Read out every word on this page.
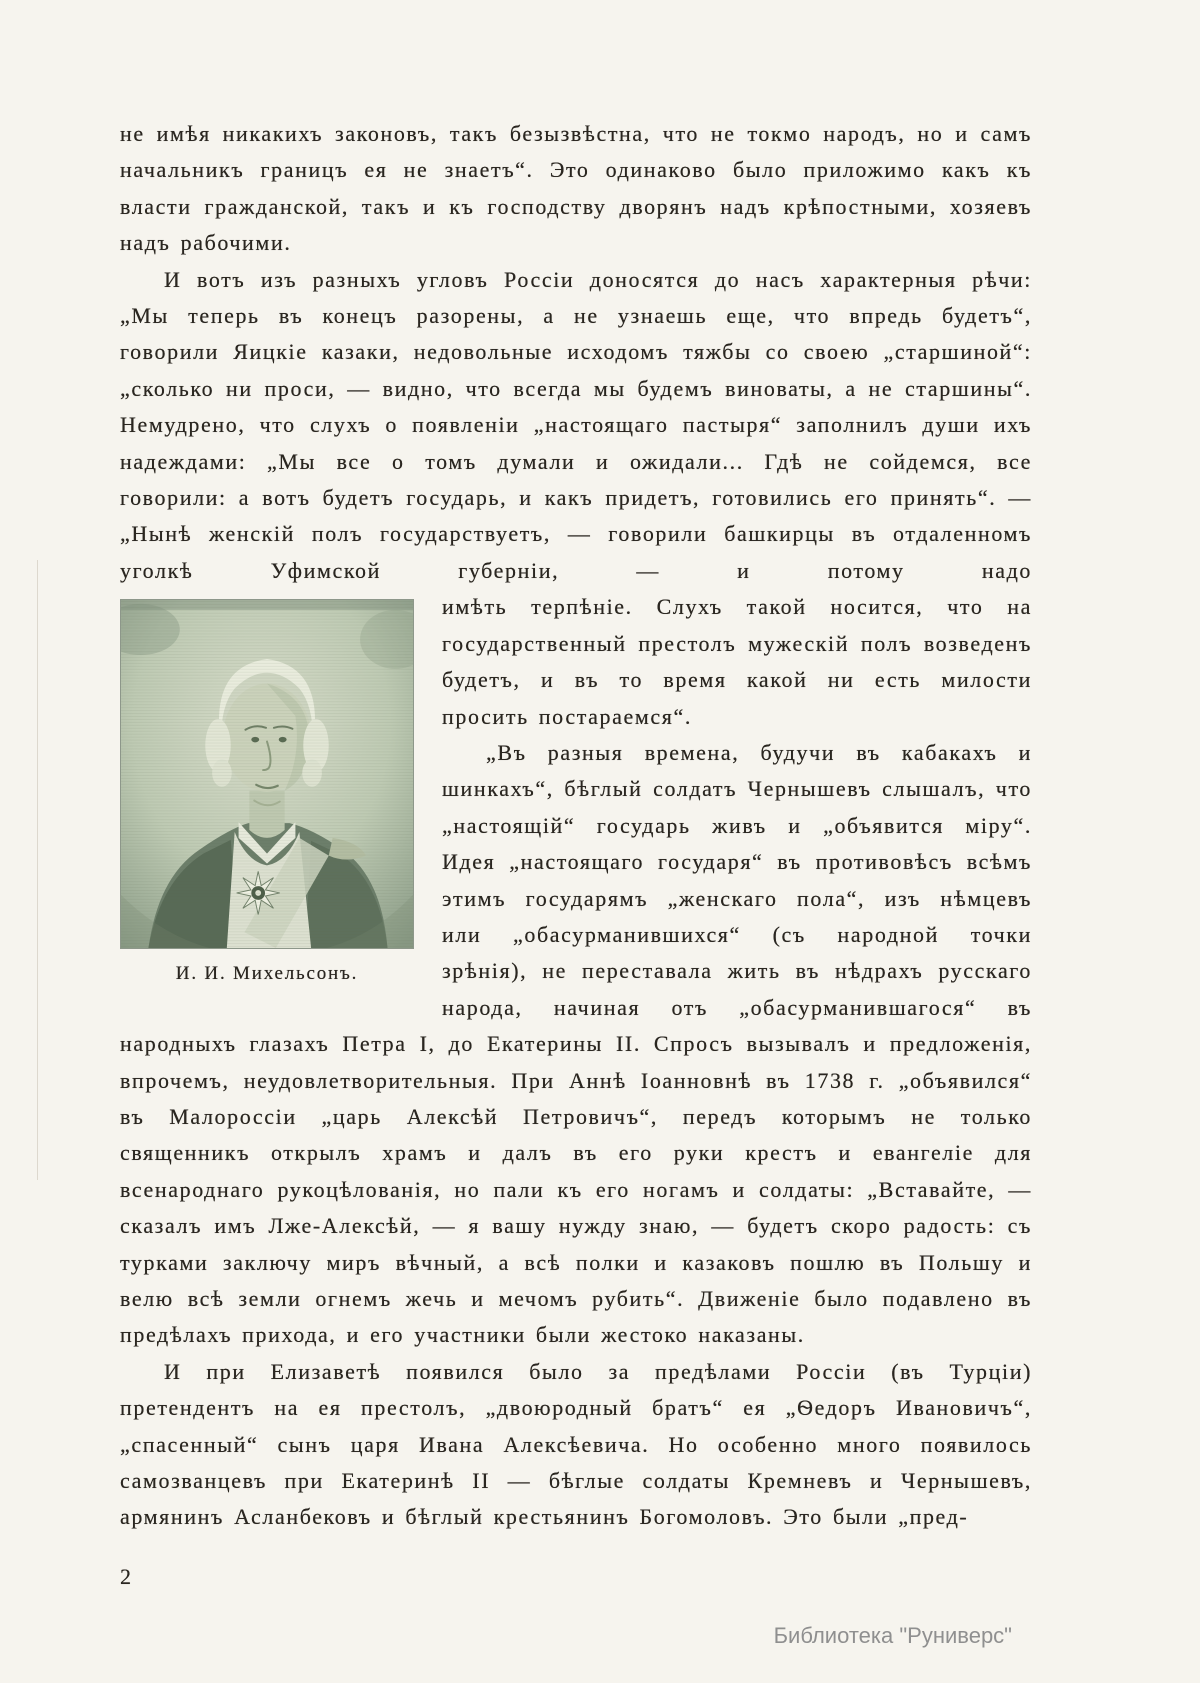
не имѣя никакихъ законовъ, такъ безызвѣстна, что не токмо народъ, но и самъ начальникъ границъ ея не знаетъ“. Это одинаково было приложимо какъ къ власти гражданской, такъ и къ господству дворянъ надъ крѣпостными, хозяевъ надъ рабочими.

И вотъ изъ разныхъ угловъ Россіи доносятся до насъ характерныя рѣчи: „Мы теперь въ конецъ разорены, а не узнаешь еще, что впредь будетъ“, говорили Яицкіе казаки, недовольные исходомъ тяжбы со своею „старшиной“: „сколько ни проси, — видно, что всегда мы будемъ виноваты, а не старшины“. Немудрено, что слухъ о появленіи „настоящаго пастыря“ заполнилъ души ихъ надеждами: „Мы все о томъ думали и ожидали... Гдѣ не сойдемся, все говорили: а вотъ будетъ государь, и какъ придетъ, готовились его принять“. — „Нынѣ женскій полъ государствуетъ, — говорили башкирцы въ отдаленномъ уголкѣ Уфимской губерніи, — и потому надо

И. И. Михельсонъ.

имѣть терпѣніе. Слухъ такой носится, что на государственный престолъ мужескій полъ возведенъ будетъ, и въ то время какой ни есть милости просить постараемся“.

„Въ разныя времена, будучи въ кабакахъ и шинкахъ“, бѣглый солдатъ Чернышевъ слышалъ, что „настоящій“ государь живъ и „объявится міру“. Идея „настоящаго государя“ въ противовѣсъ всѣмъ этимъ государямъ „женскаго пола“, изъ нѣмцевъ или „обасурманившихся“ (съ народной точки зрѣнія), не переставала жить въ нѣдрахъ русскаго народа, начиная отъ „обасурманившагося“ въ народныхъ глазахъ Петра I, до Екатерины II. Спросъ вызывалъ и предложенія, впрочемъ, неудовлетворительныя. При Аннѣ Іоанновнѣ въ 1738 г. „объявился“ въ Малороссіи „царь Алексѣй Петровичъ“, передъ которымъ не только священникъ открылъ храмъ и далъ въ его руки крестъ и евангеліе для всенароднаго рукоцѣлованія, но пали къ его ногамъ и солдаты: „Вставайте, — сказалъ имъ Лже-Алексѣй, — я вашу нужду знаю, — будетъ скоро радость: съ турками заключу миръ вѣчный, а всѣ полки и казаковъ пошлю въ Польшу и велю всѣ земли огнемъ жечь и мечомъ рубить“. Движеніе было подавлено въ предѣлахъ прихода, и его участники были жестоко наказаны.

И при Елизаветѣ появился было за предѣлами Россіи (въ Турціи) претендентъ на ея престолъ, „двоюродный братъ“ ея „Ѳедоръ Ивановичъ“, „спасенный“ сынъ царя Ивана Алексѣевича. Но особенно много появилось самозванцевъ при Екатеринѣ II — бѣглые солдаты Кремневъ и Чернышевъ, армянинъ Асланбековъ и бѣглый крестьянинъ Богомоловъ. Это были „пред-

2
Библиотека "Руниверс"
